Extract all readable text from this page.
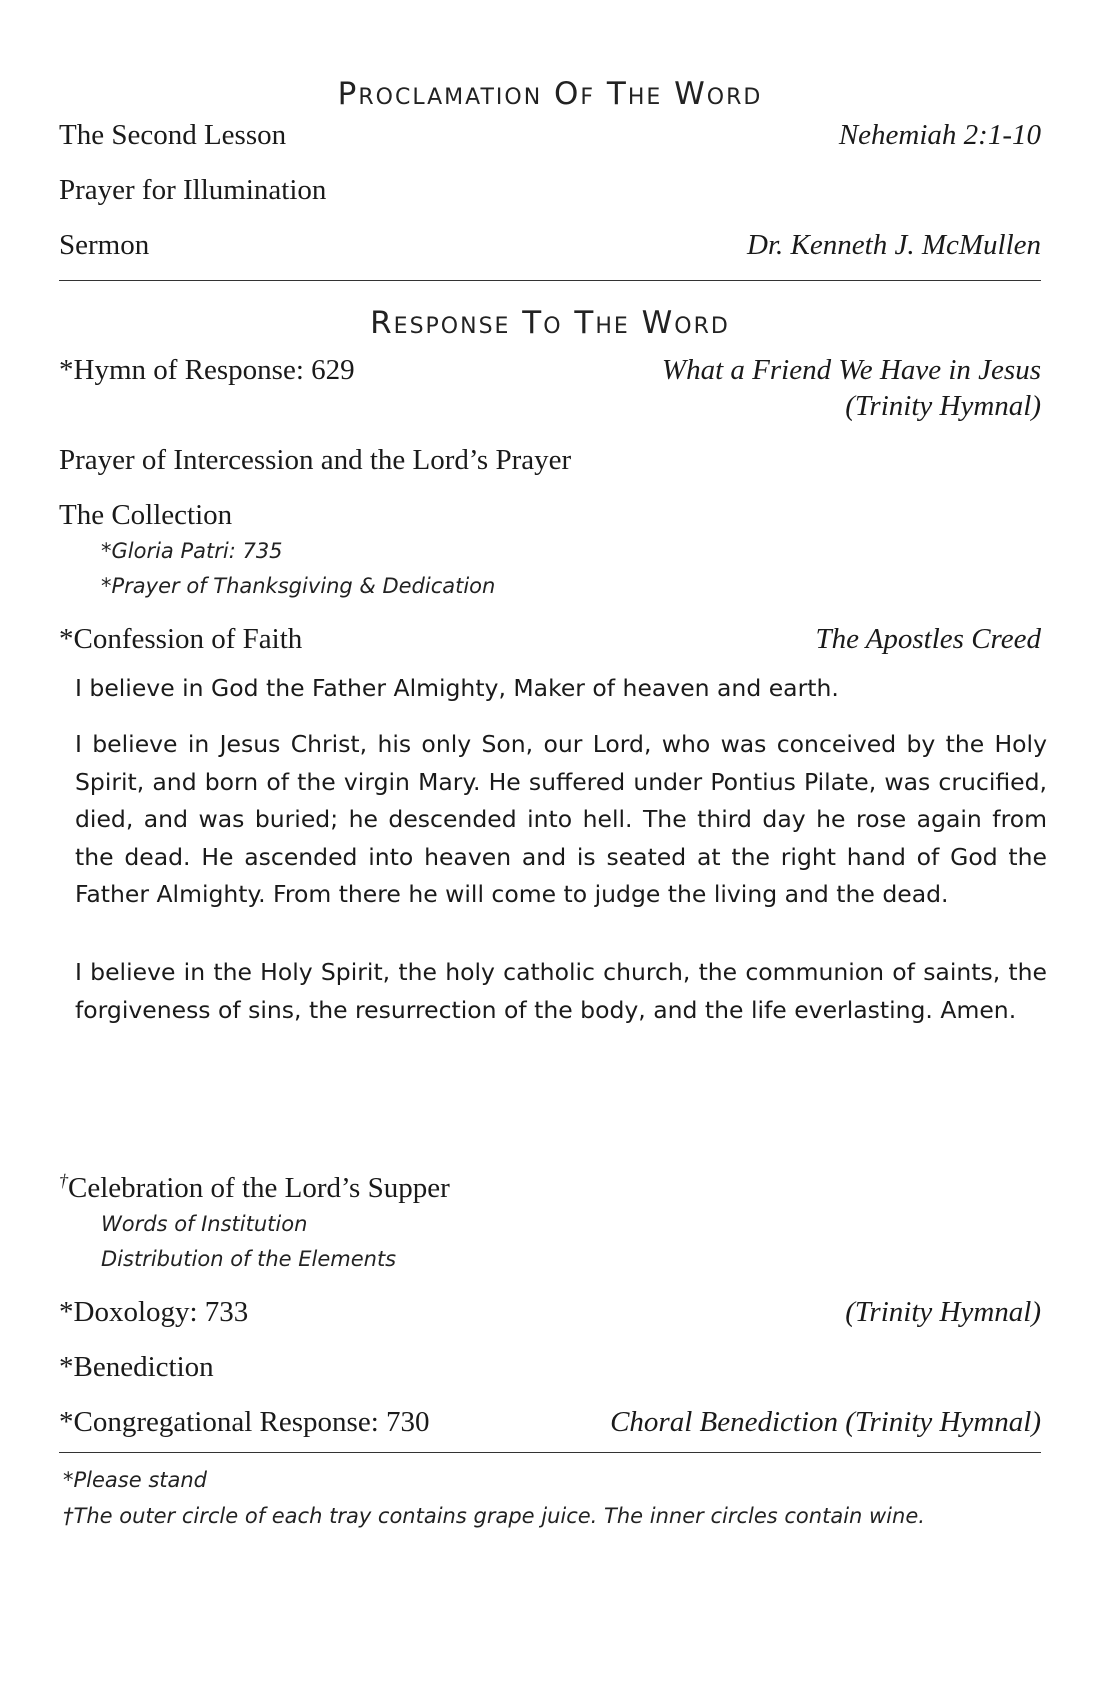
Proclamation Of The Word
The Second Lesson	Nehemiah 2:1-10
Prayer for Illumination
Sermon	Dr. Kenneth J. McMullen
Response To The Word
*Hymn of Response: 629	What a Friend We Have in Jesus
(Trinity Hymnal)
Prayer of Intercession and the Lord’s Prayer
The Collection
*Gloria Patri: 735
*Prayer of Thanksgiving & Dedication
*Confession of Faith	The Apostles Creed

I believe in God the Father Almighty, Maker of heaven and earth.

I believe in Jesus Christ, his only Son, our Lord, who was conceived by the Holy Spirit, and born of the virgin Mary. He suffered under Pontius Pilate, was crucified, died, and was buried; he descended into hell. The third day he rose again from the dead. He ascended into heaven and is seated at the right hand of God the Father Almighty. From there he will come to judge the living and the dead.

I believe in the Holy Spirit, the holy catholic church, the communion of saints, the forgiveness of sins, the resurrection of the body, and the life everlasting. Amen.

†Celebration of the Lord’s Supper
Words of Institution
Distribution of the Elements
*Doxology: 733	(Trinity Hymnal)
*Benediction
*Congregational Response: 730	Choral Benediction (Trinity Hymnal)
*Please stand
†The outer circle of each tray contains grape juice. The inner circles contain wine.
